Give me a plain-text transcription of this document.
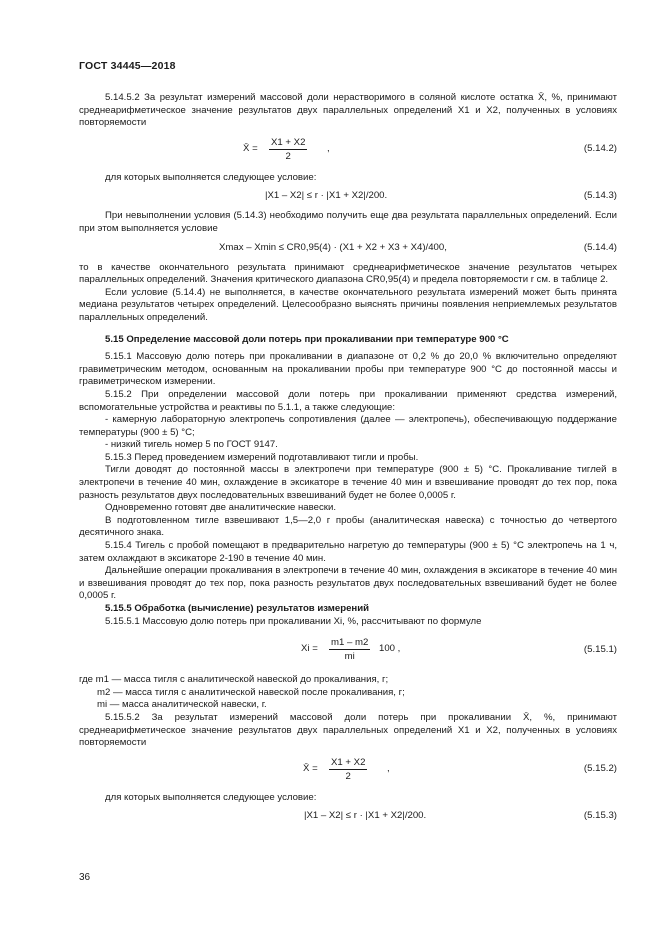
ГОСТ 34445—2018

5.14.5.2 За результат измерений массовой доли нерастворимого в соляной кислоте остатка X̄, %, принимают среднеарифметическое значение результатов двух параллельных определений X1 и X2, полученных в условиях повторяемости

X̄ =
X1 + X2
2
,	(5.14.2)

для которых выполняется следующее условие:

|X1 – X2| ≤ r · |X1 + X2|/200.	(5.14.3)

При невыполнении условия (5.14.3) необходимо получить еще два результата параллельных определений. Если при этом выполняется условие

Xmax – Xmin ≤ CR0,95(4) · (X1 + X2 + X3 + X4)/400,	(5.14.4)

то в качестве окончательного результата принимают среднеарифметическое значение результатов четырех параллельных определений. Значения критического диапазона CR0,95(4) и предела повторяемости r см. в таблице 2.

Если условие (5.14.4) не выполняется, в качестве окончательного результата измерений может быть принята медиана результатов четырех определений. Целесообразно выяснять причины появления неприемлемых результатов параллельных определений.

5.15 Определение массовой доли потерь при прокаливании при температуре 900 °С

5.15.1 Массовую долю потерь при прокаливании в диапазоне от 0,2 % до 20,0 % включительно определяют гравиметрическим методом, основанным на прокаливании пробы при температуре 900 °С до постоянной массы и гравиметрическом измерении.

5.15.2 При определении массовой доли потерь при прокаливании применяют средства измерений, вспомогательные устройства и реактивы по 5.1.1, а также следующие:

- камерную лабораторную электропечь сопротивления (далее — электропечь), обеспечивающую поддержание температуры (900 ± 5) °С;

- низкий тигель номер 5 по ГОСТ 9147.

5.15.3 Перед проведением измерений подготавливают тигли и пробы.

Тигли доводят до постоянной массы в электропечи при температуре (900 ± 5) °С. Прокаливание тиглей в электропечи в течение 40 мин, охлаждение в эксикаторе в течение 40 мин и взвешивание проводят до тех пор, пока разность результатов двух последовательных взвешиваний будет не более 0,0005 г.

Одновременно готовят две аналитические навески.

В подготовленном тигле взвешивают 1,5—2,0 г пробы (аналитическая навеска) с точностью до четвертого десятичного знака.

5.15.4 Тигель с пробой помещают в предварительно нагретую до температуры (900 ± 5) °С электропечь на 1 ч, затем охлаждают в эксикаторе 2-190 в течение 40 мин.

Дальнейшие операции прокаливания в электропечи в течение 40 мин, охлаждения в эксикаторе в течение 40 мин и взвешивания проводят до тех пор, пока разность результатов двух последовательных взвешиваний будет не более 0,0005 г.

5.15.5 Обработка (вычисление) результатов измерений

5.15.5.1 Массовую долю потерь при прокаливании Xi, %, рассчитывают по формуле

Xi =
m1 – m2
mi
100 ,	(5.15.1)

где m1 — масса тигля с аналитической навеской до прокаливания, г;

m2 — масса тигля с аналитической навеской после прокаливания, г;

mi — масса аналитической навески, г.

5.15.5.2 За результат измерений массовой доли потерь при прокаливании X̄, %, принимают среднеарифметическое значение результатов двух параллельных определений X1 и X2, полученных в условиях повторяемости

X̄ =
X1 + X2
2
,	(5.15.2)

для которых выполняется следующее условие:

|X1 – X2| ≤ r · |X1 + X2|/200.	(5.15.3)
36
